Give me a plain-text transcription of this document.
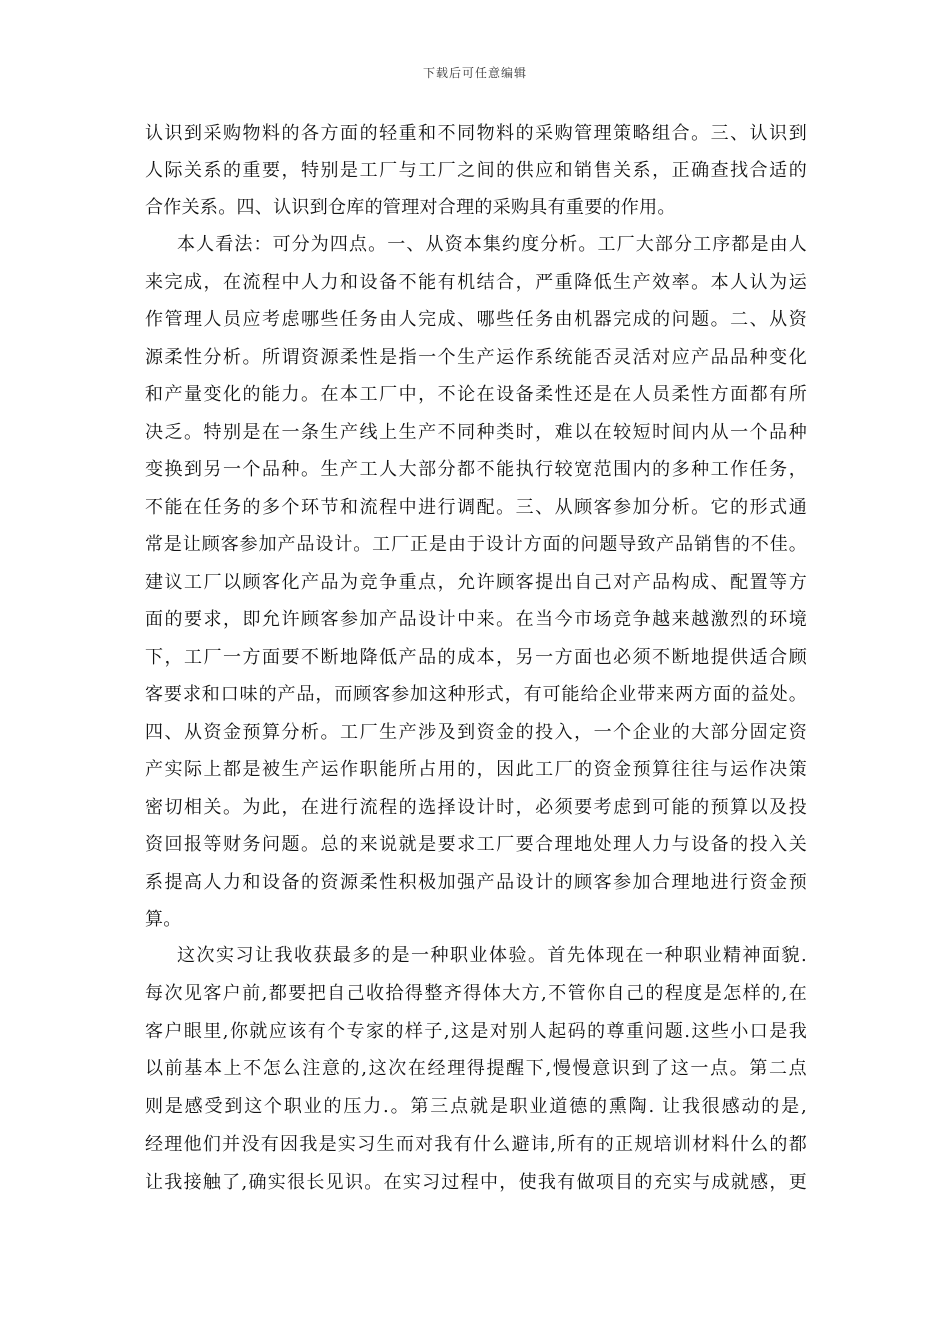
下载后可任意编辑
认识到采购物料的各方面的轻重和不同物料的采购管理策略组合。三、认识到
人际关系的重要，特别是工厂与工厂之间的供应和销售关系，正确查找合适的
合作关系。四、认识到仓库的管理对合理的采购具有重要的作用。
本人看法：可分为四点。一、从资本集约度分析。工厂大部分工序都是由人
来完成，在流程中人力和设备不能有机结合，严重降低生产效率。本人认为运
作管理人员应考虑哪些任务由人完成、哪些任务由机器完成的问题。二、从资
源柔性分析。所谓资源柔性是指一个生产运作系统能否灵活对应产品品种变化
和产量变化的能力。在本工厂中，不论在设备柔性还是在人员柔性方面都有所
决乏。特别是在一条生产线上生产不同种类时，难以在较短时间内从一个品种
变换到另一个品种。生产工人大部分都不能执行较宽范围内的多种工作任务，
不能在任务的多个环节和流程中进行调配。三、从顾客参加分析。它的形式通
常是让顾客参加产品设计。工厂正是由于设计方面的问题导致产品销售的不佳。
建议工厂以顾客化产品为竞争重点，允许顾客提出自己对产品构成、配置等方
面的要求，即允许顾客参加产品设计中来。在当今市场竞争越来越激烈的环境
下，工厂一方面要不断地降低产品的成本，另一方面也必须不断地提供适合顾
客要求和口味的产品，而顾客参加这种形式，有可能给企业带来两方面的益处。
四、从资金预算分析。工厂生产涉及到资金的投入，一个企业的大部分固定资
产实际上都是被生产运作职能所占用的，因此工厂的资金预算往往与运作决策
密切相关。为此，在进行流程的选择设计时，必须要考虑到可能的预算以及投
资回报等财务问题。总的来说就是要求工厂要合理地处理人力与设备的投入关
系提高人力和设备的资源柔性积极加强产品设计的顾客参加合理地进行资金预
算。
这次实习让我收获最多的是一种职业体验。首先体现在一种职业精神面貌.
每次见客户前,都要把自己收拾得整齐得体大方,不管你自己的程度是怎样的,在
客户眼里,你就应该有个专家的样子,这是对别人起码的尊重问题.这些小口是我
以前基本上不怎么注意的,这次在经理得提醒下,慢慢意识到了这一点。第二点
则是感受到这个职业的压力.。第三点就是职业道德的熏陶. 让我很感动的是,
经理他们并没有因我是实习生而对我有什么避讳,所有的正规培训材料什么的都
让我接触了,确实很长见识。在实习过程中，使我有做项目的充实与成就感，更
